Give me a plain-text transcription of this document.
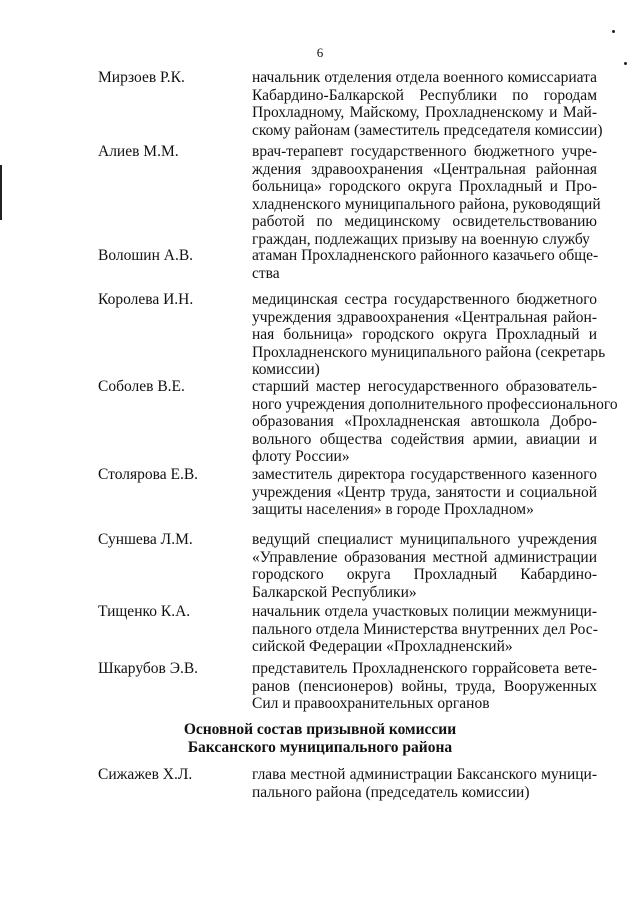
6
Мирзоев Р.К.	начальник отделения отдела военного комиссариата
Кабардино-Балкарской Республики по городам
Прохладному, Майскому, Прохладненскому и Май-
скому районам (заместитель председателя комиссии)
Алиев М.М.	врач-терапевт государственного бюджетного учре-
ждения здравоохранения «Центральная районная
больница» городского округа Прохладный и Про-
хладненского муниципального района, руководящий
работой по медицинскому освидетельствованию
граждан, подлежащих призыву на военную службу
Волошин А.В.	атаман Прохладненского районного казачьего обще-
ства
Королева И.Н.	медицинская сестра государственного бюджетного
учреждения здравоохранения «Центральная район-
ная больница» городского округа Прохладный и
Прохладненского муниципального района (секретарь
комиссии)
Соболев В.Е.	старший мастер негосударственного образователь-
ного учреждения дополнительного профессионального
образования «Прохладненская автошкола Добро-
вольного общества содействия армии, авиации и
флоту России»
Столярова Е.В.	заместитель директора государственного казенного
учреждения «Центр труда, занятости и социальной
защиты населения» в городе Прохладном»
Суншева Л.М.	ведущий специалист муниципального учреждения
«Управление образования местной администрации
городского округа Прохладный Кабардино-
Балкарской Республики»
Тищенко К.А.	начальник отдела участковых полиции межмуници-
пального отдела Министерства внутренних дел Рос-
сийской Федерации «Прохладненский»
Шкарубов Э.В.	представитель Прохладненского горрайсовета вете-
ранов (пенсионеров) войны, труда, Вооруженных
Сил и правоохранительных органов
Основной состав призывной комиссии
Баксанского муниципального района
Сижажев Х.Л.	глава местной администрации Баксанского муници-
пального района (председатель комиссии)
